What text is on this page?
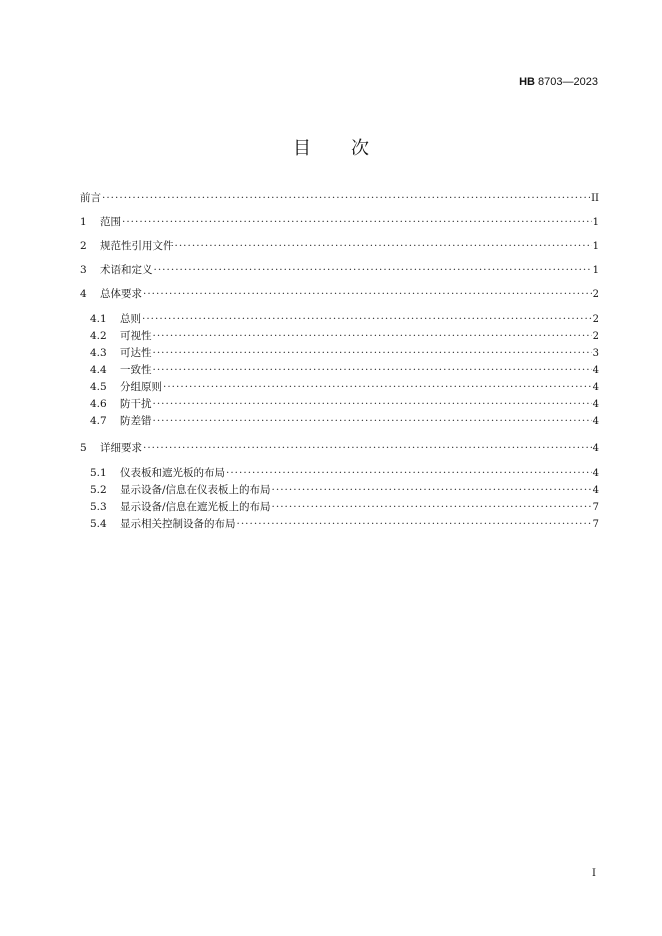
HB 8703—2023
目次
前言 ·····	II
1	范围 ·····	1
2	规范性引用文件 ·····	1
3	术语和定义 ·····	1
4	总体要求 ·····	2
4.1	总则 ·····	2
4.2	可视性 ·····	2
4.3	可达性 ·····	3
4.4	一致性 ·····	4
4.5	分组原则 ·····	4
4.6	防干扰 ·····	4
4.7	防差错 ·····	4
5	详细要求 ·····	4
5.1	仪表板和遮光板的布局 ·····	4
5.2	显示设备/信息在仪表板上的布局 ·····	4
5.3	显示设备/信息在遮光板上的布局 ·····	7
5.4	显示相关控制设备的布局 ·····	7
I
